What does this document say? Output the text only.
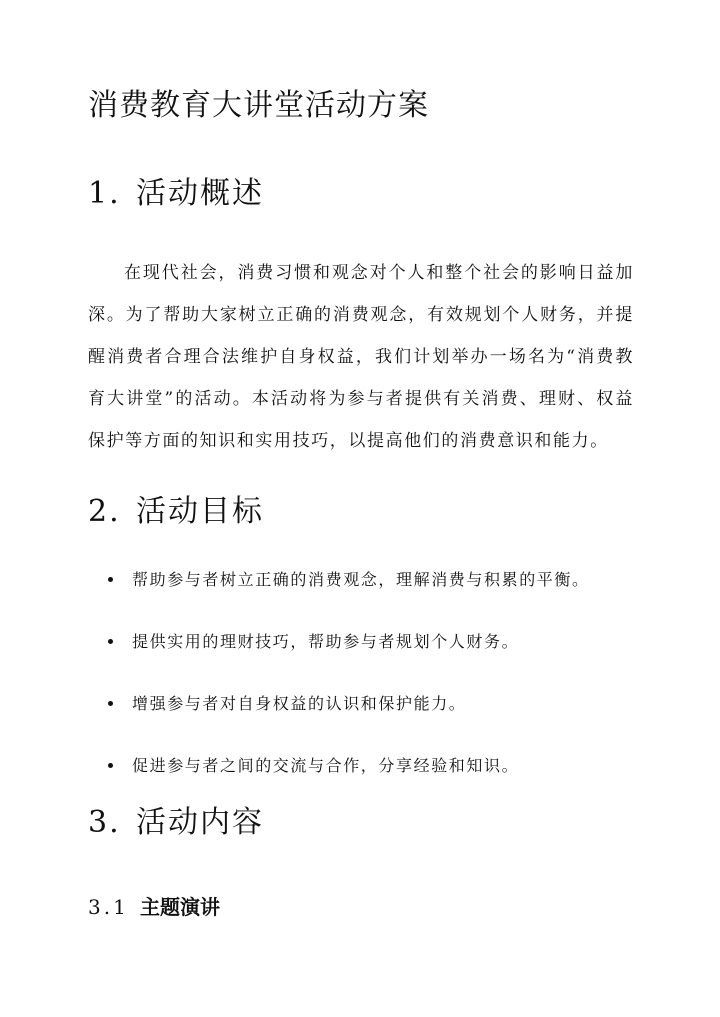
消费教育大讲堂活动方案
1. 活动概述

在现代社会，消费习惯和观念对个人和整个社会的影响日益加深。为了帮助大家树立正确的消费观念，有效规划个人财务，并提醒消费者合理合法维护自身权益，我们计划举办一场名为“消费教育大讲堂”的活动。本活动将为参与者提供有关消费、理财、权益保护等方面的知识和实用技巧，以提高他们的消费意识和能力。

2. 活动目标
帮助参与者树立正确的消费观念，理解消费与积累的平衡。
提供实用的理财技巧，帮助参与者规划个人财务。
增强参与者对自身权益的认识和保护能力。
促进参与者之间的交流与合作，分享经验和知识。
3. 活动内容
3.1 主题演讲
